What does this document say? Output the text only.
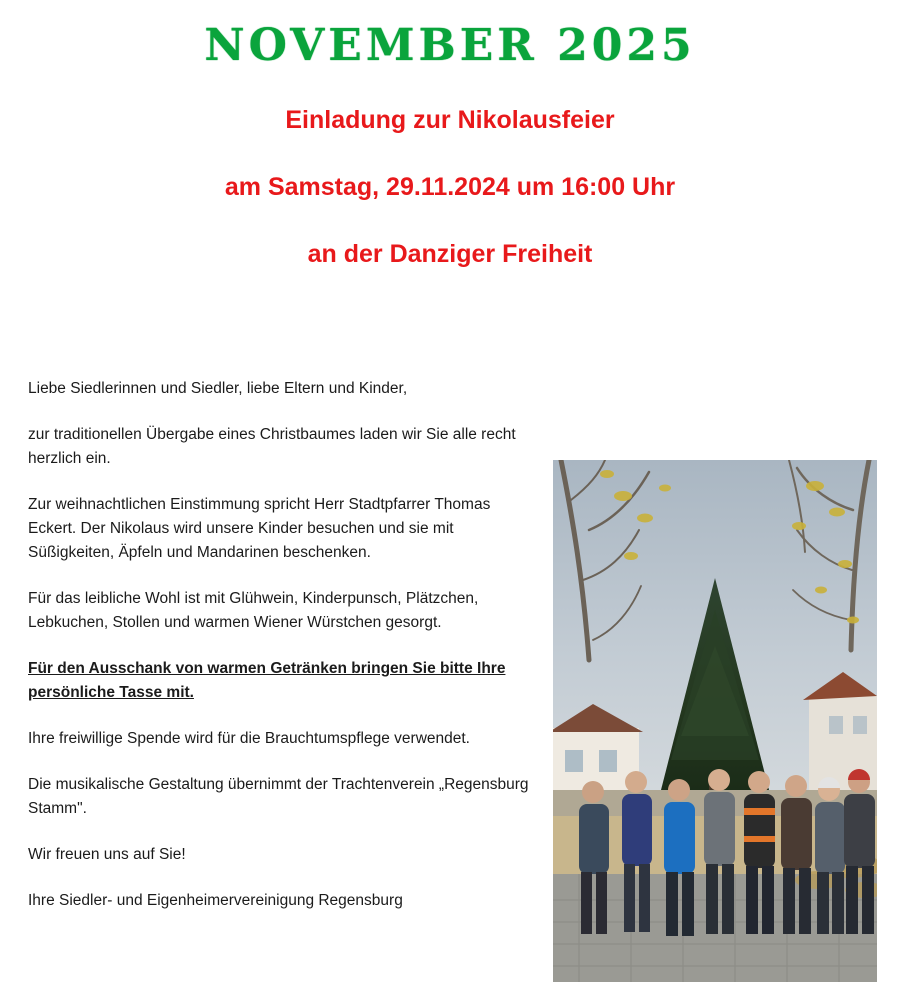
NOVEMBER 2025

Einladung zur Nikolausfeier

am Samstag, 29.11.2024 um 16:00 Uhr

an der Danziger Freiheit

Liebe Siedlerinnen und Siedler, liebe Eltern und Kinder,

zur traditionellen Übergabe eines Christbaumes laden wir Sie alle recht herzlich ein.

Zur weihnachtlichen Einstimmung spricht Herr Stadtpfarrer Thomas Eckert. Der Nikolaus wird unsere Kinder besuchen und sie mit Süßigkeiten, Äpfeln und Mandarinen beschenken.

Für das leibliche Wohl ist mit Glühwein, Kinderpunsch, Plätzchen, Lebkuchen, Stollen und warmen Wiener Würstchen gesorgt.

Für den Ausschank von warmen Getränken bringen Sie bitte Ihre persönliche Tasse mit.

Ihre freiwillige Spende wird für die Brauchtumspflege verwendet.

Die musikalische Gestaltung übernimmt der Trachtenverein „Regensburg Stamm".

Wir freuen uns auf Sie!

Ihre Siedler- und Eigenheimervereinigung Regensburg
